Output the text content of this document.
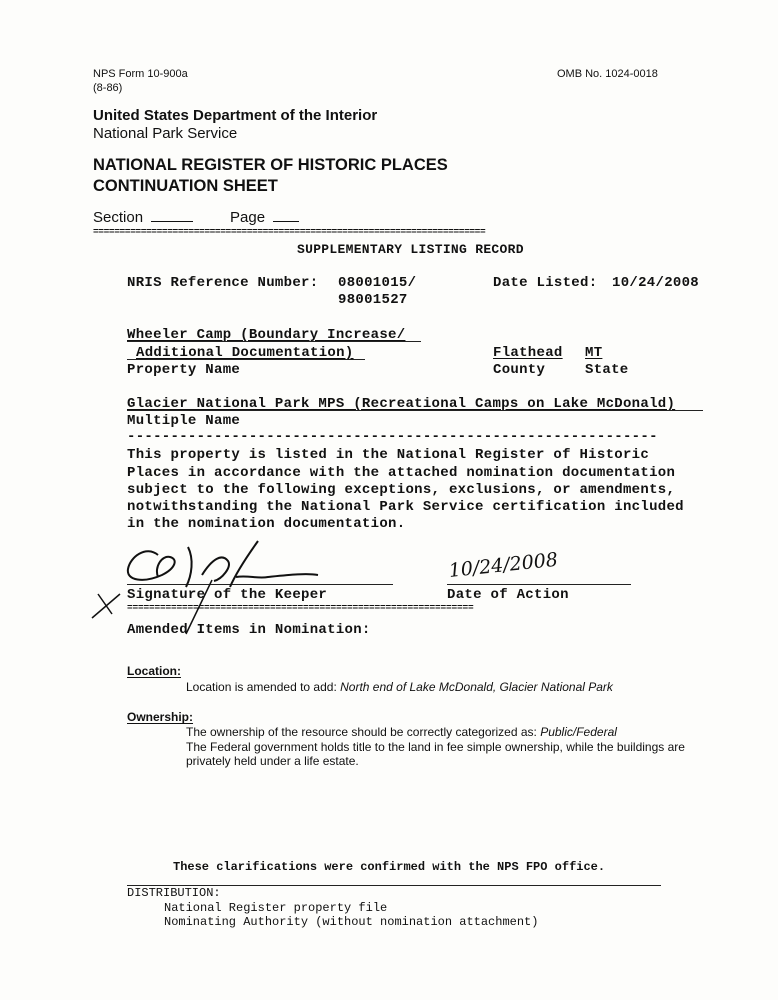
NPS Form 10-900a
(8-86)
OMB No. 1024-0018
United States Department of the Interior
National Park Service
NATIONAL REGISTER OF HISTORIC PLACES
CONTINUATION SHEET
Section	Page
==========================================================================
SUPPLEMENTARY LISTING RECORD
NRIS Reference Number: 08001015/
98001527
Date Listed: 10/24/2008
Wheeler Camp (Boundary Increase/
Additional Documentation)
Property Name
Flathead MT
County	State
Glacier National Park MPS (Recreational Camps on Lake McDonald)
Multiple Name
-------------------------------------------------------------
This property is listed in the National Register of Historic
Places in accordance with the attached nomination documentation
subject to the following exceptions, exclusions, or amendments,
notwithstanding the National Park Service certification included
in the nomination documentation.
10/24/2008
Signature of the Keeper	Date of Action
===============================================================
Amended Items in Nomination:
Location:
Location is amended to add: North end of Lake McDonald, Glacier National Park
Ownership:
The ownership of the resource should be correctly categorized as: Public/Federal
The Federal government holds title to the land in fee simple ownership, while the buildings are
privately held under a life estate.
These clarifications were confirmed with the NPS FPO office.
DISTRIBUTION:
National Register property file
Nominating Authority (without nomination attachment)
